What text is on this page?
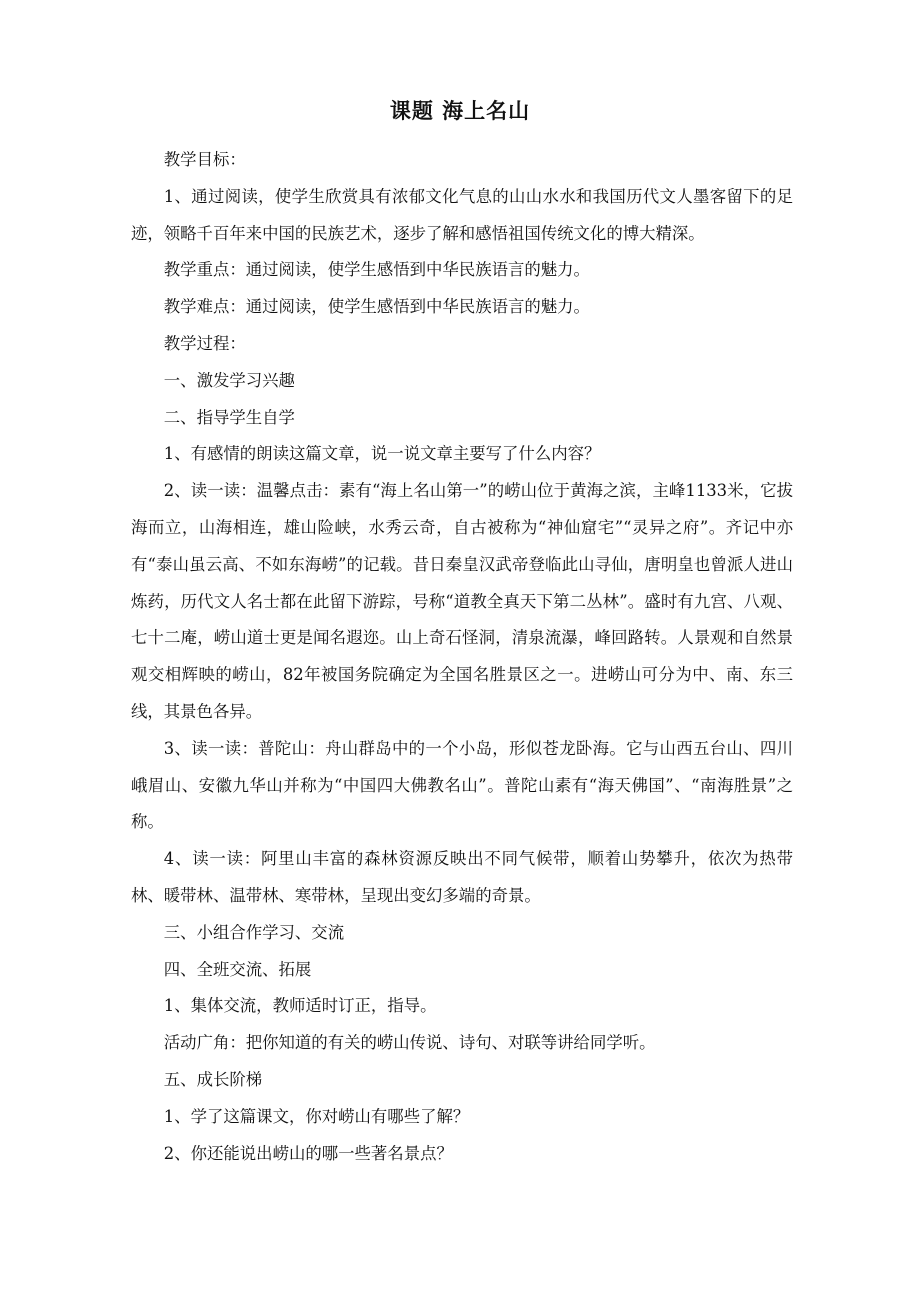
课题 海上名山

教学目标：

1、通过阅读，使学生欣赏具有浓郁文化气息的山山水水和我国历代文人墨客留下的足迹，领略千百年来中国的民族艺术，逐步了解和感悟祖国传统文化的博大精深。

教学重点：通过阅读，使学生感悟到中华民族语言的魅力。

教学难点：通过阅读，使学生感悟到中华民族语言的魅力。

教学过程：

一、激发学习兴趣

二、指导学生自学

1、有感情的朗读这篇文章，说一说文章主要写了什么内容？

2、读一读：温馨点击：素有“海上名山第一”的崂山位于黄海之滨，主峰1133米，它拔海而立，山海相连，雄山险峡，水秀云奇，自古被称为“神仙窟宅”“灵异之府”。齐记中亦有“泰山虽云高、不如东海崂”的记载。昔日秦皇汉武帝登临此山寻仙，唐明皇也曾派人进山炼药，历代文人名士都在此留下游踪，号称“道教全真天下第二丛林”。盛时有九宫、八观、七十二庵，崂山道士更是闻名遐迩。山上奇石怪洞，清泉流瀑，峰回路转。人景观和自然景观交相辉映的崂山，82年被国务院确定为全国名胜景区之一。进崂山可分为中、南、东三线，其景色各异。

3、读一读：普陀山：舟山群岛中的一个小岛，形似苍龙卧海。它与山西五台山、四川峨眉山、安徽九华山并称为“中国四大佛教名山”。普陀山素有“海天佛国”、“南海胜景”之称。

4、读一读：阿里山丰富的森林资源反映出不同气候带，顺着山势攀升，依次为热带林、暖带林、温带林、寒带林，呈现出变幻多端的奇景。

三、小组合作学习、交流

四、全班交流、拓展

1、集体交流，教师适时订正，指导。

活动广角：把你知道的有关的崂山传说、诗句、对联等讲给同学听。

五、成长阶梯

1、学了这篇课文，你对崂山有哪些了解？

2、你还能说出崂山的哪一些著名景点？
